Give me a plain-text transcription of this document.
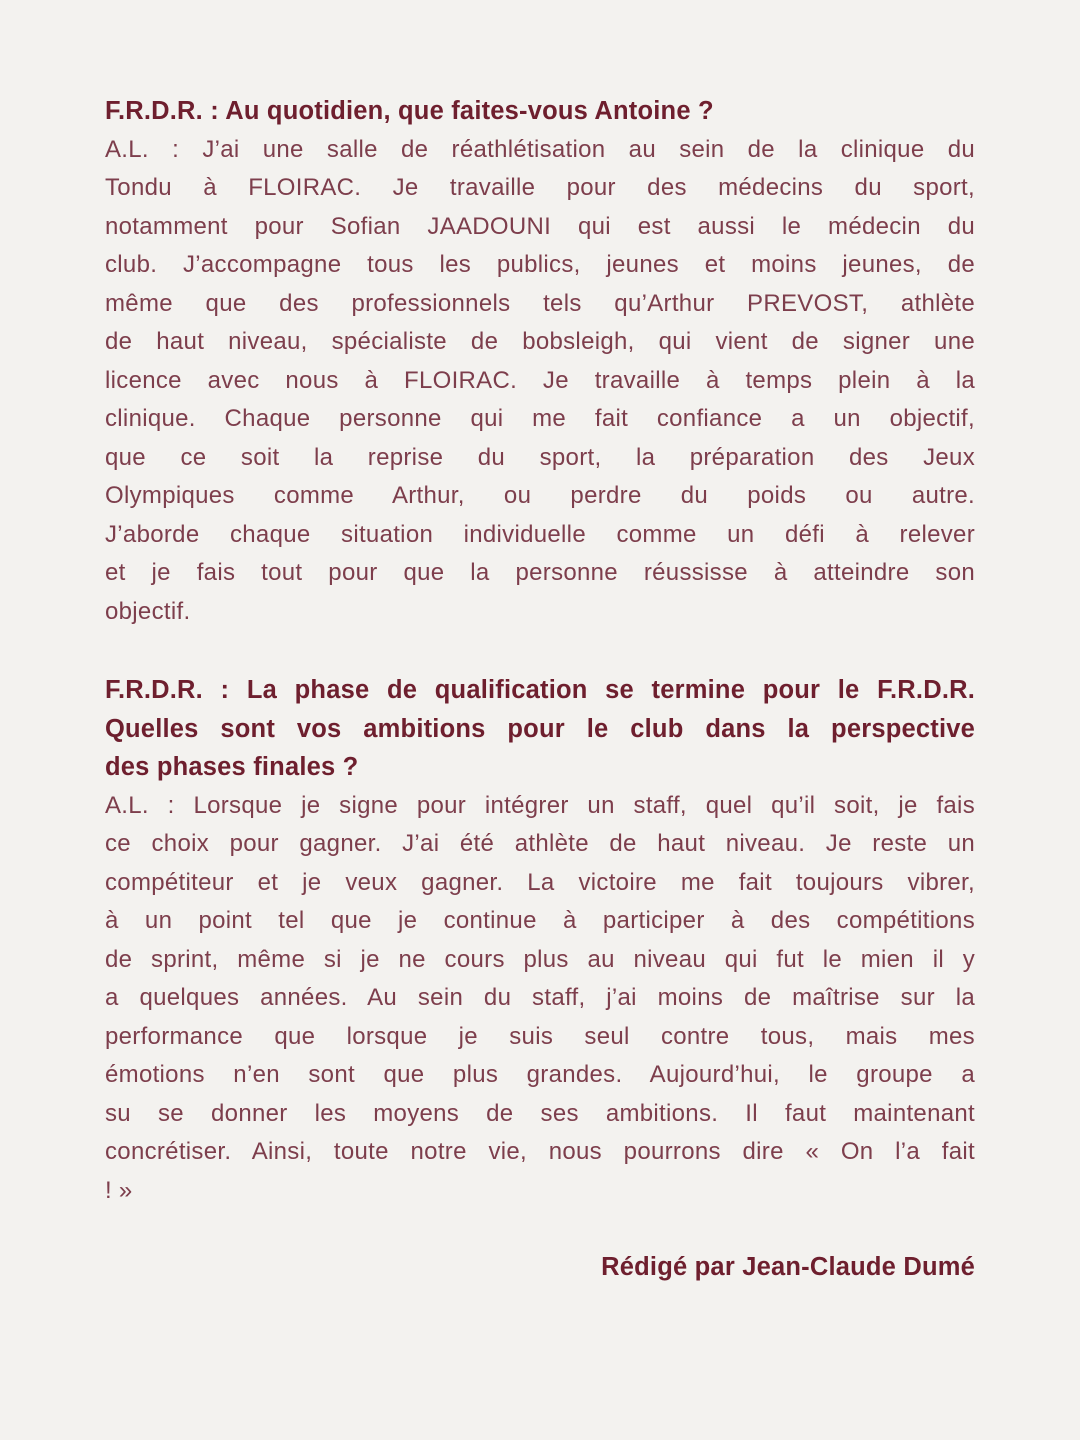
F.R.D.R. : Au quotidien, que faites-vous Antoine ?
A.L. : J’ai une salle de réathlétisation au sein de la clinique du
Tondu à FLOIRAC. Je travaille pour des médecins du sport,
notamment pour Sofian JAADOUNI qui est aussi le médecin du
club. J’accompagne tous les publics, jeunes et moins jeunes, de
même que des professionnels tels qu’Arthur PREVOST, athlète
de haut niveau, spécialiste de bobsleigh, qui vient de signer une
licence avec nous à FLOIRAC. Je travaille à temps plein à la
clinique. Chaque personne qui me fait confiance a un objectif,
que ce soit la reprise du sport, la préparation des Jeux
Olympiques comme Arthur, ou perdre du poids ou autre.
J’aborde chaque situation individuelle comme un défi à relever
et je fais tout pour que la personne réussisse à atteindre son
objectif.
F.R.D.R. : La phase de qualification se termine pour le F.R.D.R.
Quelles sont vos ambitions pour le club dans la perspective
des phases finales ?
A.L. : Lorsque je signe pour intégrer un staff, quel qu’il soit, je fais
ce choix pour gagner. J’ai été athlète de haut niveau. Je reste un
compétiteur et je veux gagner. La victoire me fait toujours vibrer,
à un point tel que je continue à participer à des compétitions
de sprint, même si je ne cours plus au niveau qui fut le mien il y
a quelques années. Au sein du staff, j’ai moins de maîtrise sur la
performance que lorsque je suis seul contre tous, mais mes
émotions n’en sont que plus grandes. Aujourd’hui, le groupe a
su se donner les moyens de ses ambitions. Il faut maintenant
concrétiser. Ainsi, toute notre vie, nous pourrons dire « On l’a fait
! »
Rédigé par Jean-Claude Dumé
